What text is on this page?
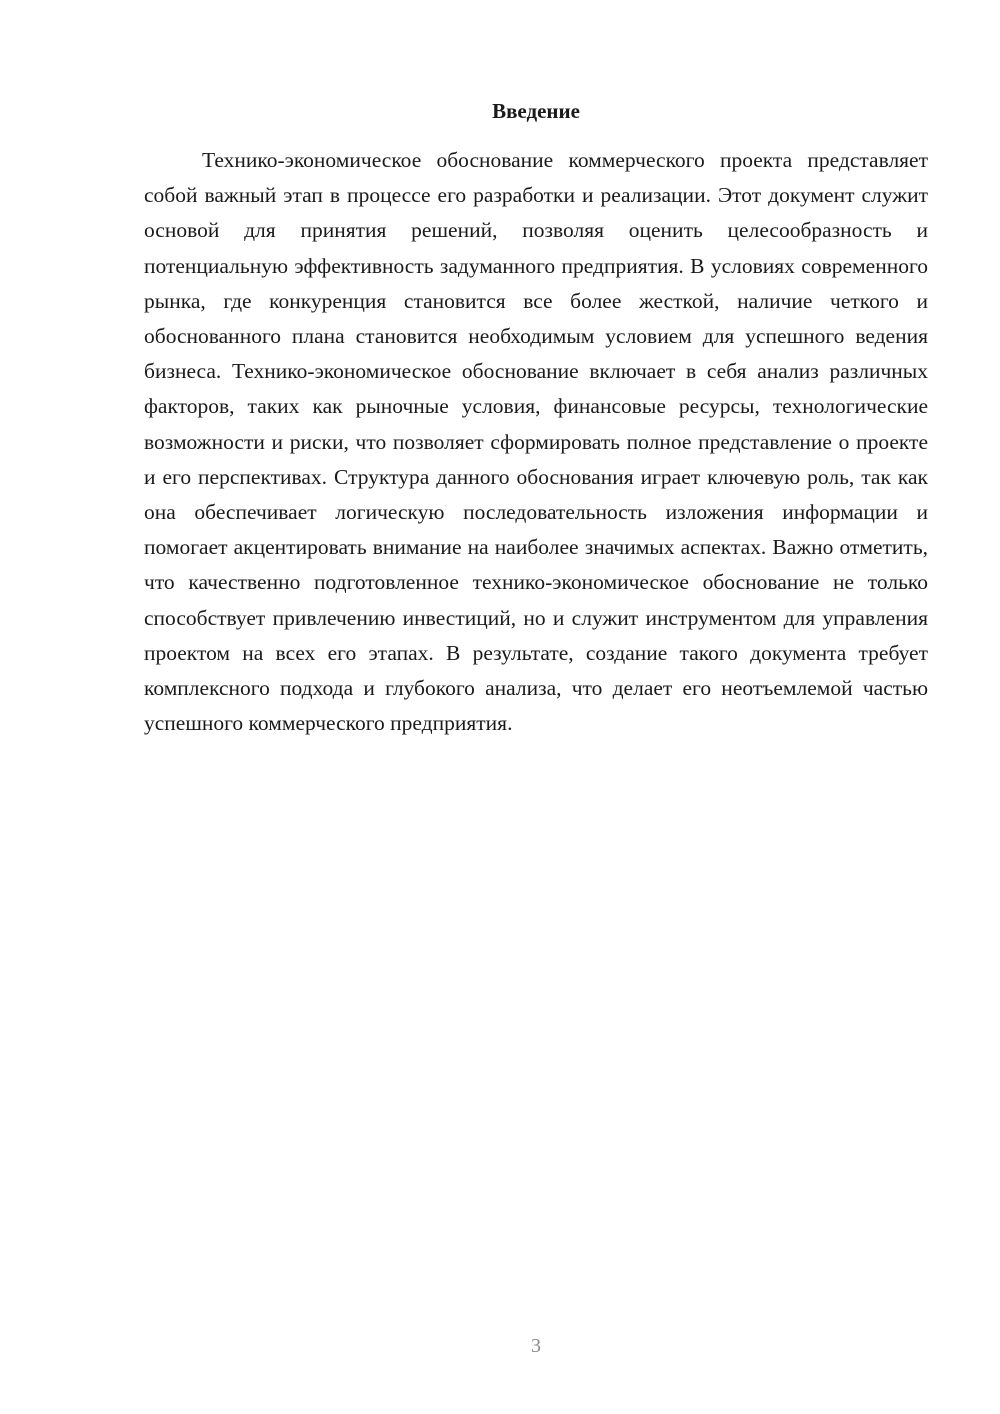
Введение

Технико-экономическое обоснование коммерческого проекта представляет собой важный этап в процессе его разработки и реализации. Этот документ служит основой для принятия решений, позволяя оценить целесообразность и потенциальную эффективность задуманного предприятия. В условиях современного рынка, где конкуренция становится все более жесткой, наличие четкого и обоснованного плана становится необходимым условием для успешного ведения бизнеса. Технико-экономическое обоснование включает в себя анализ различных факторов, таких как рыночные условия, финансовые ресурсы, технологические возможности и риски, что позволяет сформировать полное представление о проекте и его перспективах. Структура данного обоснования играет ключевую роль, так как она обеспечивает логическую последовательность изложения информации и помогает акцентировать внимание на наиболее значимых аспектах. Важно отметить, что качественно подготовленное технико-экономическое обоснование не только способствует привлечению инвестиций, но и служит инструментом для управления проектом на всех его этапах. В результате, создание такого документа требует комплексного подхода и глубокого анализа, что делает его неотъемлемой частью успешного коммерческого предприятия.

3
